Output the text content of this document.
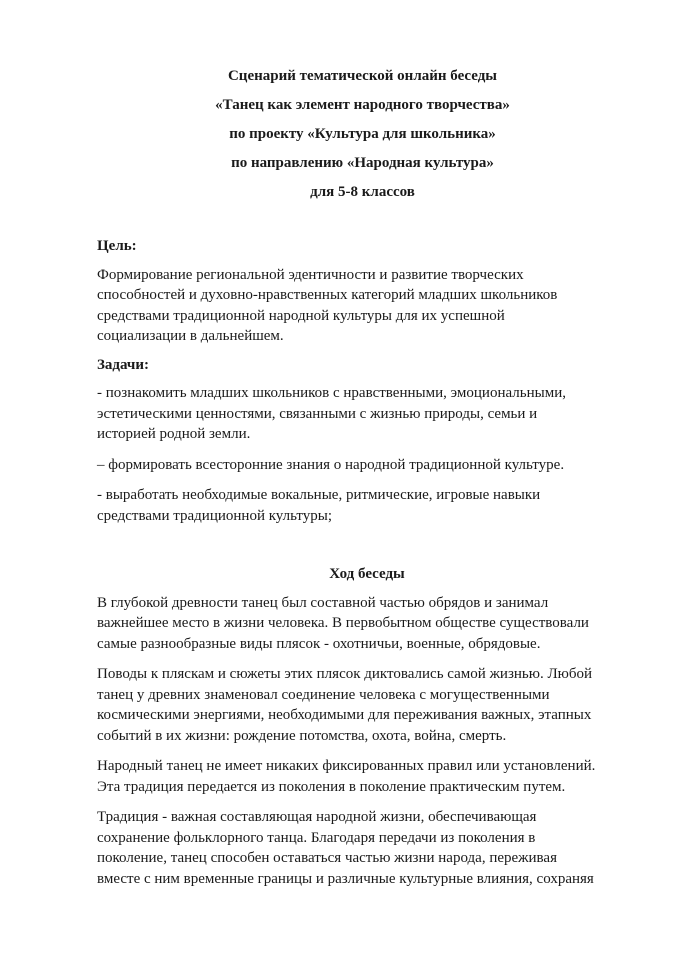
Сценарий тематической онлайн беседы
«Танец как элемент народного творчества»
по проекту «Культура для школьника»
по направлению «Народная культура»
для 5-8 классов

Цель:

Формирование региональной эдентичности и развитие творческих
способностей и духовно-нравственных категорий младших школьников
средствами традиционной народной культуры для их успешной
социализации в дальнейшем.

Задачи:

- познакомить младших школьников с нравственными, эмоциональными,
эстетическими ценностями, связанными с жизнью природы, семьи и
историей родной земли.

– формировать всесторонние знания о народной традиционной культуре.

- выработать необходимые вокальные, ритмические, игровые навыки
средствами традиционной культуры;

Ход беседы

В глубокой древности танец был составной частью обрядов и занимал
важнейшее место в жизни человека. В первобытном обществе существовали
самые разнообразные виды плясок - охотничьи, военные, обрядовые.

Поводы к пляскам и сюжеты этих плясок диктовались самой жизнью. Любой
танец у древних знаменовал соединение человека с могущественными
космическими энергиями, необходимыми для переживания важных, этапных
событий в их жизни: рождение потомства, охота, война, смерть.

Народный танец не имеет никаких фиксированных правил или установлений.
Эта традиция передается из поколения в поколение практическим путем.

Традиция - важная составляющая народной жизни, обеспечивающая
сохранение фольклорного танца. Благодаря передачи из поколения в
поколение, танец способен оставаться частью жизни народа, переживая
вместе с ним временные границы и различные культурные влияния, сохраняя
